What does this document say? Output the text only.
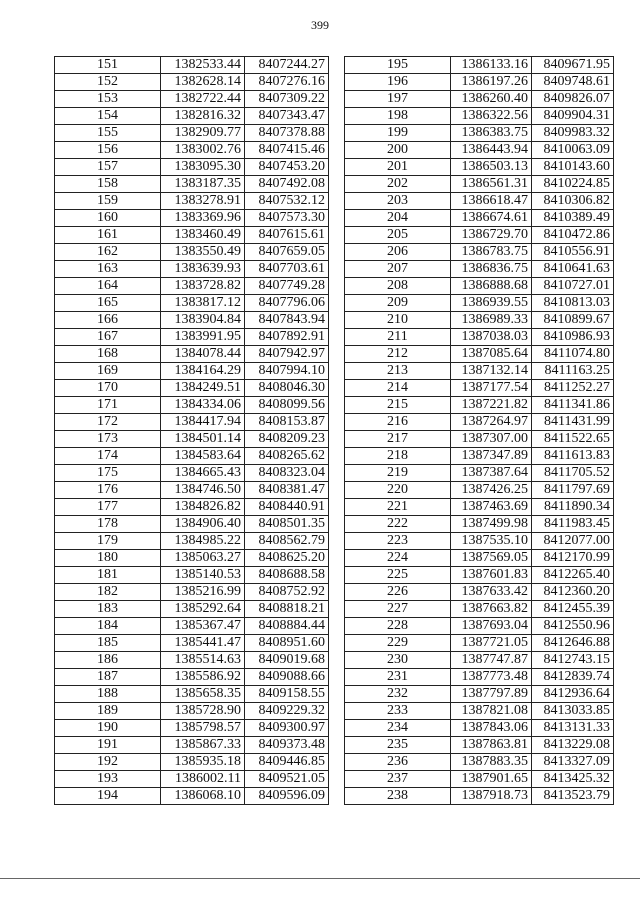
399
151	1382533.44	8407244.27
152	1382628.14	8407276.16
153	1382722.44	8407309.22
154	1382816.32	8407343.47
155	1382909.77	8407378.88
156	1383002.76	8407415.46
157	1383095.30	8407453.20
158	1383187.35	8407492.08
159	1383278.91	8407532.12
160	1383369.96	8407573.30
161	1383460.49	8407615.61
162	1383550.49	8407659.05
163	1383639.93	8407703.61
164	1383728.82	8407749.28
165	1383817.12	8407796.06
166	1383904.84	8407843.94
167	1383991.95	8407892.91
168	1384078.44	8407942.97
169	1384164.29	8407994.10
170	1384249.51	8408046.30
171	1384334.06	8408099.56
172	1384417.94	8408153.87
173	1384501.14	8408209.23
174	1384583.64	8408265.62
175	1384665.43	8408323.04
176	1384746.50	8408381.47
177	1384826.82	8408440.91
178	1384906.40	8408501.35
179	1384985.22	8408562.79
180	1385063.27	8408625.20
181	1385140.53	8408688.58
182	1385216.99	8408752.92
183	1385292.64	8408818.21
184	1385367.47	8408884.44
185	1385441.47	8408951.60
186	1385514.63	8409019.68
187	1385586.92	8409088.66
188	1385658.35	8409158.55
189	1385728.90	8409229.32
190	1385798.57	8409300.97
191	1385867.33	8409373.48
192	1385935.18	8409446.85
193	1386002.11	8409521.05
194	1386068.10	8409596.09
195	1386133.16	8409671.95
196	1386197.26	8409748.61
197	1386260.40	8409826.07
198	1386322.56	8409904.31
199	1386383.75	8409983.32
200	1386443.94	8410063.09
201	1386503.13	8410143.60
202	1386561.31	8410224.85
203	1386618.47	8410306.82
204	1386674.61	8410389.49
205	1386729.70	8410472.86
206	1386783.75	8410556.91
207	1386836.75	8410641.63
208	1386888.68	8410727.01
209	1386939.55	8410813.03
210	1386989.33	8410899.67
211	1387038.03	8410986.93
212	1387085.64	8411074.80
213	1387132.14	8411163.25
214	1387177.54	8411252.27
215	1387221.82	8411341.86
216	1387264.97	8411431.99
217	1387307.00	8411522.65
218	1387347.89	8411613.83
219	1387387.64	8411705.52
220	1387426.25	8411797.69
221	1387463.69	8411890.34
222	1387499.98	8411983.45
223	1387535.10	8412077.00
224	1387569.05	8412170.99
225	1387601.83	8412265.40
226	1387633.42	8412360.20
227	1387663.82	8412455.39
228	1387693.04	8412550.96
229	1387721.05	8412646.88
230	1387747.87	8412743.15
231	1387773.48	8412839.74
232	1387797.89	8412936.64
233	1387821.08	8413033.85
234	1387843.06	8413131.33
235	1387863.81	8413229.08
236	1387883.35	8413327.09
237	1387901.65	8413425.32
238	1387918.73	8413523.79
